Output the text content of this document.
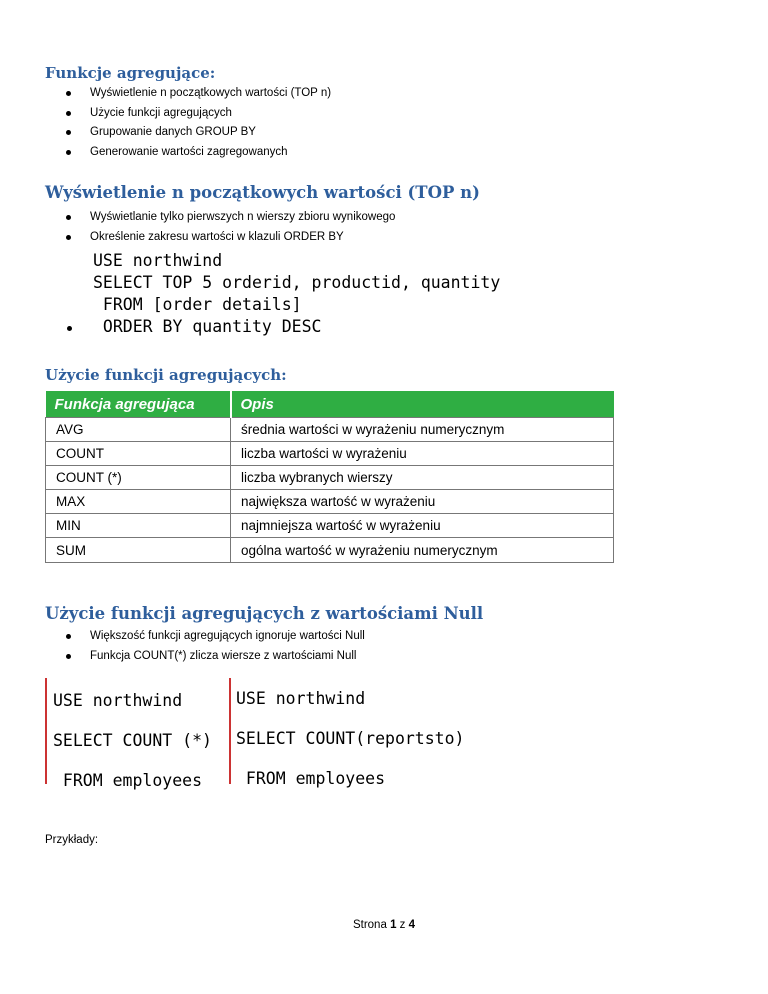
Funkcje agregujące:
Wyświetlenie n początkowych wartości (TOP n)
Użycie funkcji agregujących
Grupowanie danych GROUP BY
Generowanie wartości zagregowanych
Wyświetlenie n początkowych wartości (TOP n)
Wyświetlanie tylko pierwszych n wierszy zbioru wynikowego
Określenie zakresu wartości w klazuli ORDER BY
USE northwind
SELECT TOP 5 orderid, productid, quantity
FROM [order details]
ORDER BY quantity DESC
Użycie funkcji agregujących:
Funkcja agregująca	Opis
AVG	średnia wartości w wyrażeniu numerycznym
COUNT	liczba wartości w wyrażeniu
COUNT (*)	liczba wybranych wierszy
MAX	największa wartość w wyrażeniu
MIN	najmniejsza wartość w wyrażeniu
SUM	ogólna wartość w wyrażeniu numerycznym
Użycie funkcji agregujących z wartościami Null
Większość funkcji agregujących ignoruje wartości Null
Funkcja COUNT(*) zlicza wiersze z wartościami Null
USE northwind
SELECT COUNT (*)
FROM employees
USE northwind
SELECT COUNT(reportsto)
FROM employees

Przykłady:

Strona 1 z 4
